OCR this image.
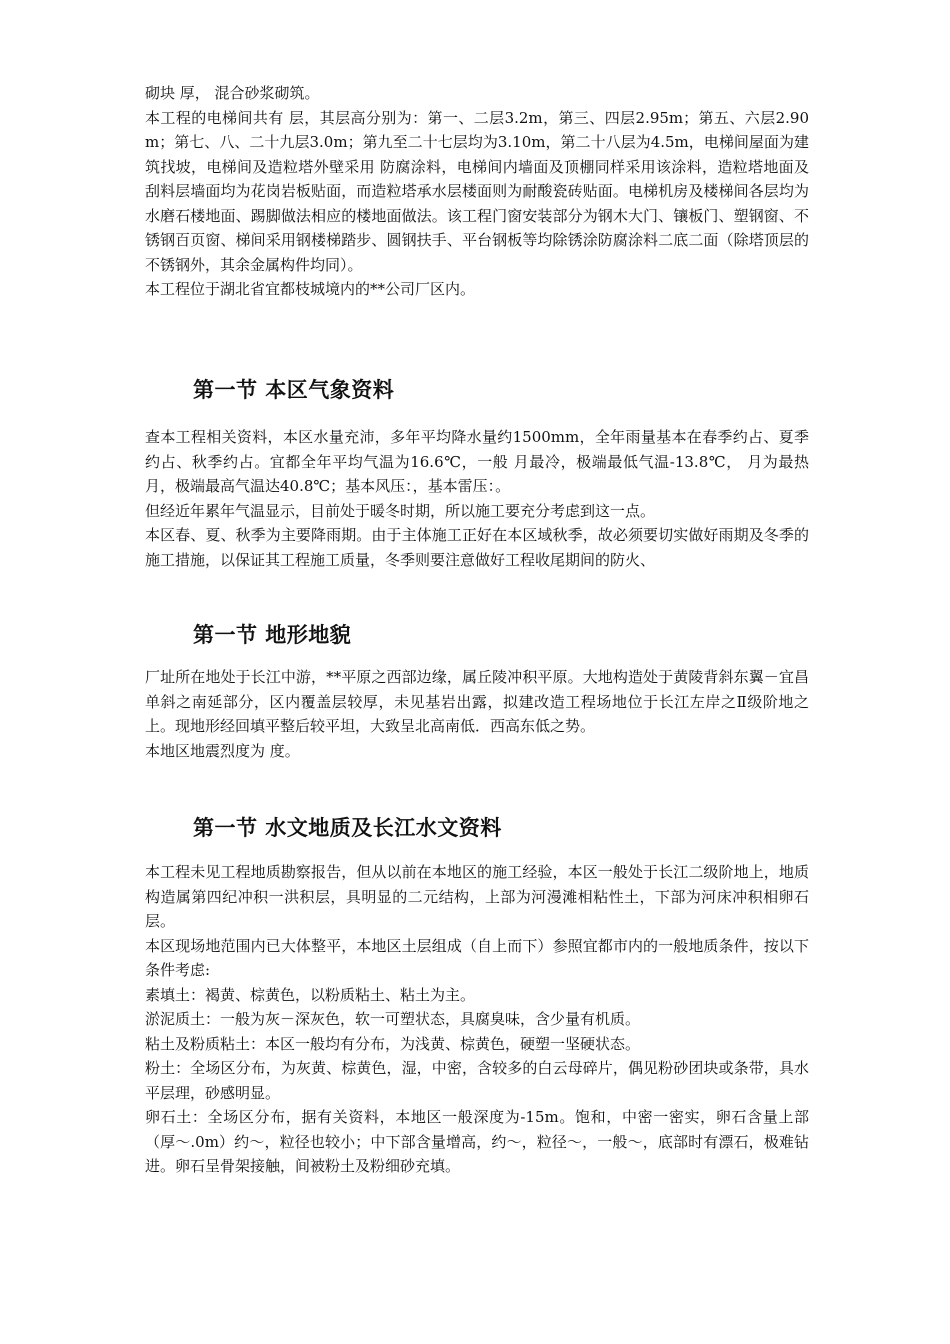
砌块 厚， 混合砂浆砌筑。

本工程的电梯间共有 层，其层高分别为：第一、二层3.2m，第三、四层2.95m；第五、六层2.90m；第七、八、二十九层3.0m；第九至二十七层均为3.10m，第二十八层为4.5m，电梯间屋面为建筑找坡，电梯间及造粒塔外壁采用 防腐涂料，电梯间内墙面及顶棚同样采用该涂料，造粒塔地面及刮料层墙面均为花岗岩板贴面，而造粒塔承水层楼面则为耐酸瓷砖贴面。电梯机房及楼梯间各层均为水磨石楼地面、踢脚做法相应的楼地面做法。该工程门窗安装部分为钢木大门、镶板门、塑钢窗、不锈钢百页窗、梯间采用钢楼梯踏步、圆钢扶手、平台钢板等均除锈涂防腐涂料二底二面（除塔顶层的不锈钢外，其余金属构件均同）。

本工程位于湖北省宜都枝城境内的**公司厂区内。

第一节 本区气象资料

查本工程相关资料，本区水量充沛，多年平均降水量约1500mm，全年雨量基本在春季约占、夏季约占、秋季约占。宜都全年平均气温为16.6℃，一般 月最冷，极端最低气温-13.8℃， 月为最热月，极端最高气温达40.8℃；基本风压：，基本雷压：。

但经近年累年气温显示，目前处于暖冬时期，所以施工要充分考虑到这一点。

本区春、夏、秋季为主要降雨期。由于主体施工正好在本区域秋季，故必须要切实做好雨期及冬季的施工措施，以保证其工程施工质量，冬季则要注意做好工程收尾期间的防火、

第一节 地形地貌

厂址所在地处于长江中游，**平原之西部边缘，属丘陵冲积平原。大地构造处于黄陵背斜东翼－宜昌单斜之南延部分，区内覆盖层较厚，未见基岩出露，拟建改造工程场地位于长江左岸之Ⅱ级阶地之上。现地形经回填平整后较平坦，大致呈北高南低．西高东低之势。

本地区地震烈度为 度。

第一节 水文地质及长江水文资料

本工程未见工程地质勘察报告，但从以前在本地区的施工经验，本区一般处于长江二级阶地上，地质构造属第四纪冲积一洪积层，具明显的二元结构，上部为河漫滩相粘性土，下部为河床冲积相卵石层。

本区现场地范围内已大体整平，本地区土层组成（自上而下）参照宜都市内的一般地质条件，按以下条件考虑:

素填土：褐黄、棕黄色，以粉质粘土、粘土为主。

淤泥质土：一般为灰－深灰色，软一可塑状态，具腐臭味，含少量有机质。

粘土及粉质粘土：本区一般均有分布，为浅黄、棕黄色，硬塑一坚硬状态。

粉土：全场区分布，为灰黄、棕黄色，湿，中密，含较多的白云母碎片，偶见粉砂团块或条带，具水平层理，砂感明显。

卵石土：全场区分布，据有关资料，本地区一般深度为-15m。饱和，中密一密实，卵石含量上部（厚～.0m）约～，粒径也较小；中下部含量增高，约～，粒径～，一般～，底部时有漂石，极难钻进。卵石呈骨架接触，间被粉土及粉细砂充填。
